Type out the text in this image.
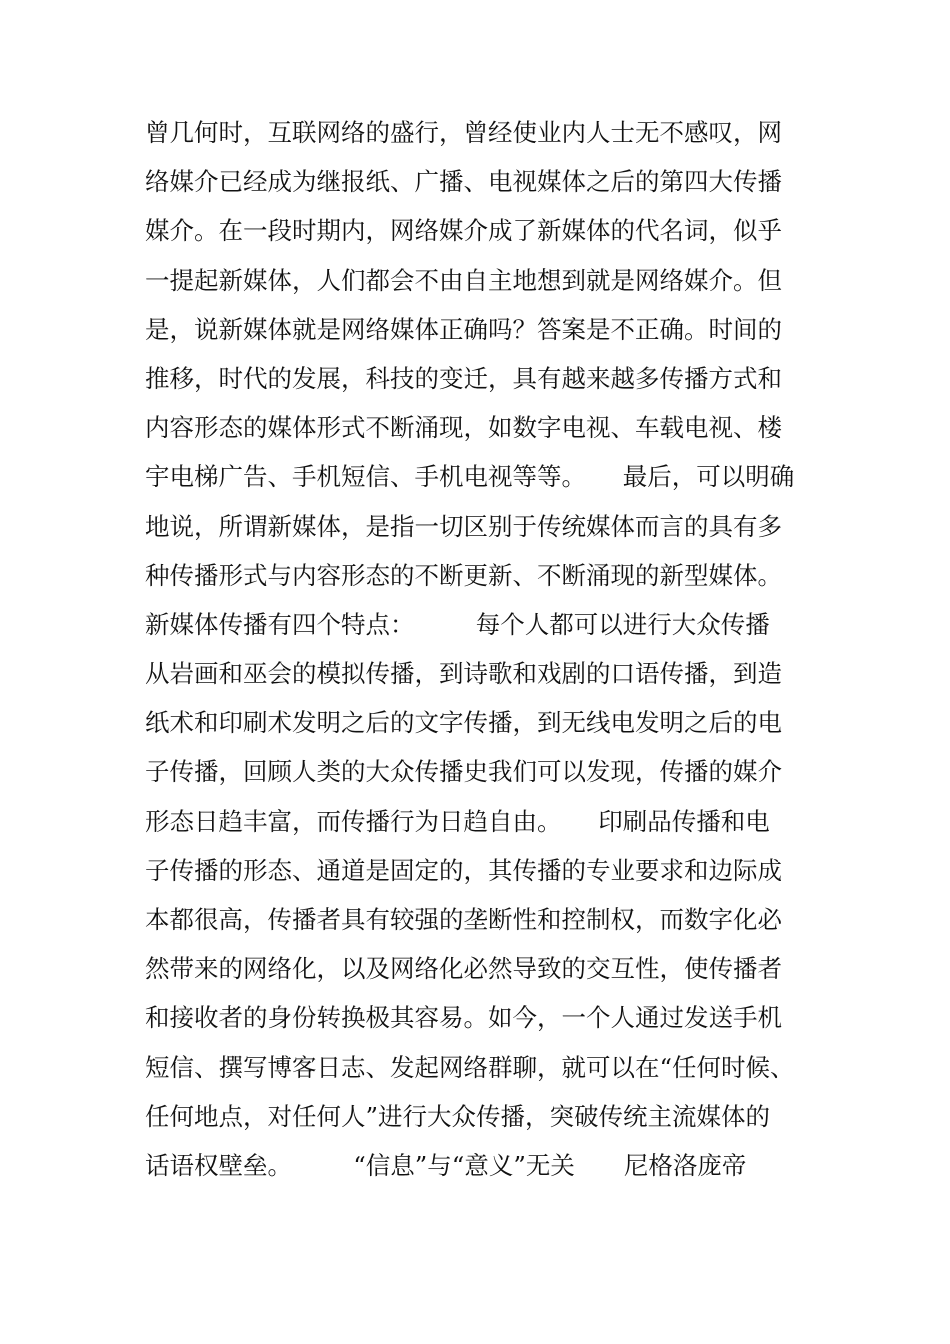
曾几何时，互联网络的盛行，曾经使业内人士无不感叹，网
络媒介已经成为继报纸、广播、电视媒体之后的第四大传播
媒介。在一段时期内，网络媒介成了新媒体的代名词，似乎
一提起新媒体，人们都会不由自主地想到就是网络媒介。但
是，说新媒体就是网络媒体正确吗？答案是不正确。时间的
推移，时代的发展，科技的变迁，具有越来越多传播方式和
内容形态的媒体形式不断涌现，如数字电视、车载电视、楼
宇电梯广告、手机短信、手机电视等等。　　最后，可以明确
地说，所谓新媒体，是指一切区别于传统媒体而言的具有多
种传播形式与内容形态的不断更新、不断涌现的新型媒体。
新媒体传播有四个特点：　　　每个人都可以进行大众传播
从岩画和巫会的模拟传播，到诗歌和戏剧的口语传播，到造
纸术和印刷术发明之后的文字传播，到无线电发明之后的电
子传播，回顾人类的大众传播史我们可以发现，传播的媒介
形态日趋丰富，而传播行为日趋自由。　　印刷品传播和电
子传播的形态、通道是固定的，其传播的专业要求和边际成
本都很高，传播者具有较强的垄断性和控制权，而数字化必
然带来的网络化，以及网络化必然导致的交互性，使传播者
和接收者的身份转换极其容易。如今，一个人通过发送手机
短信、撰写博客日志、发起网络群聊，就可以在“任何时候、
任何地点，对任何人”进行大众传播，突破传统主流媒体的
话语权壁垒。　　　“信息”与“意义”无关　　尼格洛庞帝
